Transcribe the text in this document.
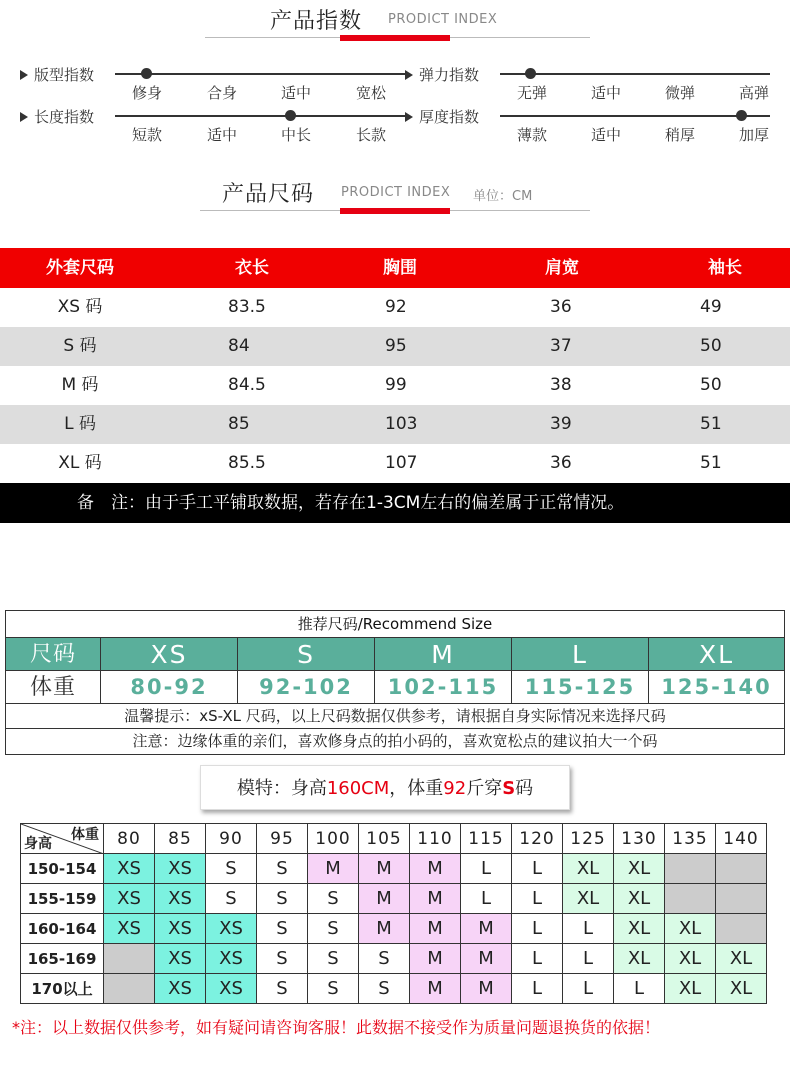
产品指数 PRODICT INDEX
版型指数
修身	合身	适中	宽松
弹力指数
无弹	适中	微弹	高弹
长度指数
短款	适中	中长	长款
厚度指数
薄款	适中	稍厚	加厚
产品尺码 PRODICT INDEX 单位：CM
外套尺码	衣长	胸围	肩宽	袖长
XS 码	83.5	92	36	49
S 码	84	95	37	50
M 码	84.5	99	38	50
L 码	85	103	39	51
XL 码	85.5	107	36	51
备　注： 由于手工平铺取数据，若存在1-3CM左右的偏差属于正常情况。
推荐尺码/Recommend Size
尺码	XS	S	M	L	XL
体重	80-92	92-102	102-115	115-125	125-140
温馨提示：xS-XL 尺码，以上尺码数据仅供参考，请根据自身实际情况来选择尺码
注意：边缘体重的亲们，喜欢修身点的拍小码的，喜欢宽松点的建议拍大一个码
模特：身高160CM，体重92斤穿S码
体重
身高	80	85	90	95	100	105	110	115	120	125	130	135	140
150-154	XS	XS	S	S	M	M	M	L	L	XL	XL		
155-159	XS	XS	S	S	S	M	M	L	L	XL	XL		
160-164	XS	XS	XS	S	S	M	M	M	L	L	XL	XL	
165-169		XS	XS	S	S	S	M	M	L	L	XL	XL	XL
170以上		XS	XS	S	S	S	M	M	L	L	L	XL	XL
*注：以上数据仅供参考，如有疑问请咨询客服！此数据不接受作为质量问题退换货的依据！
